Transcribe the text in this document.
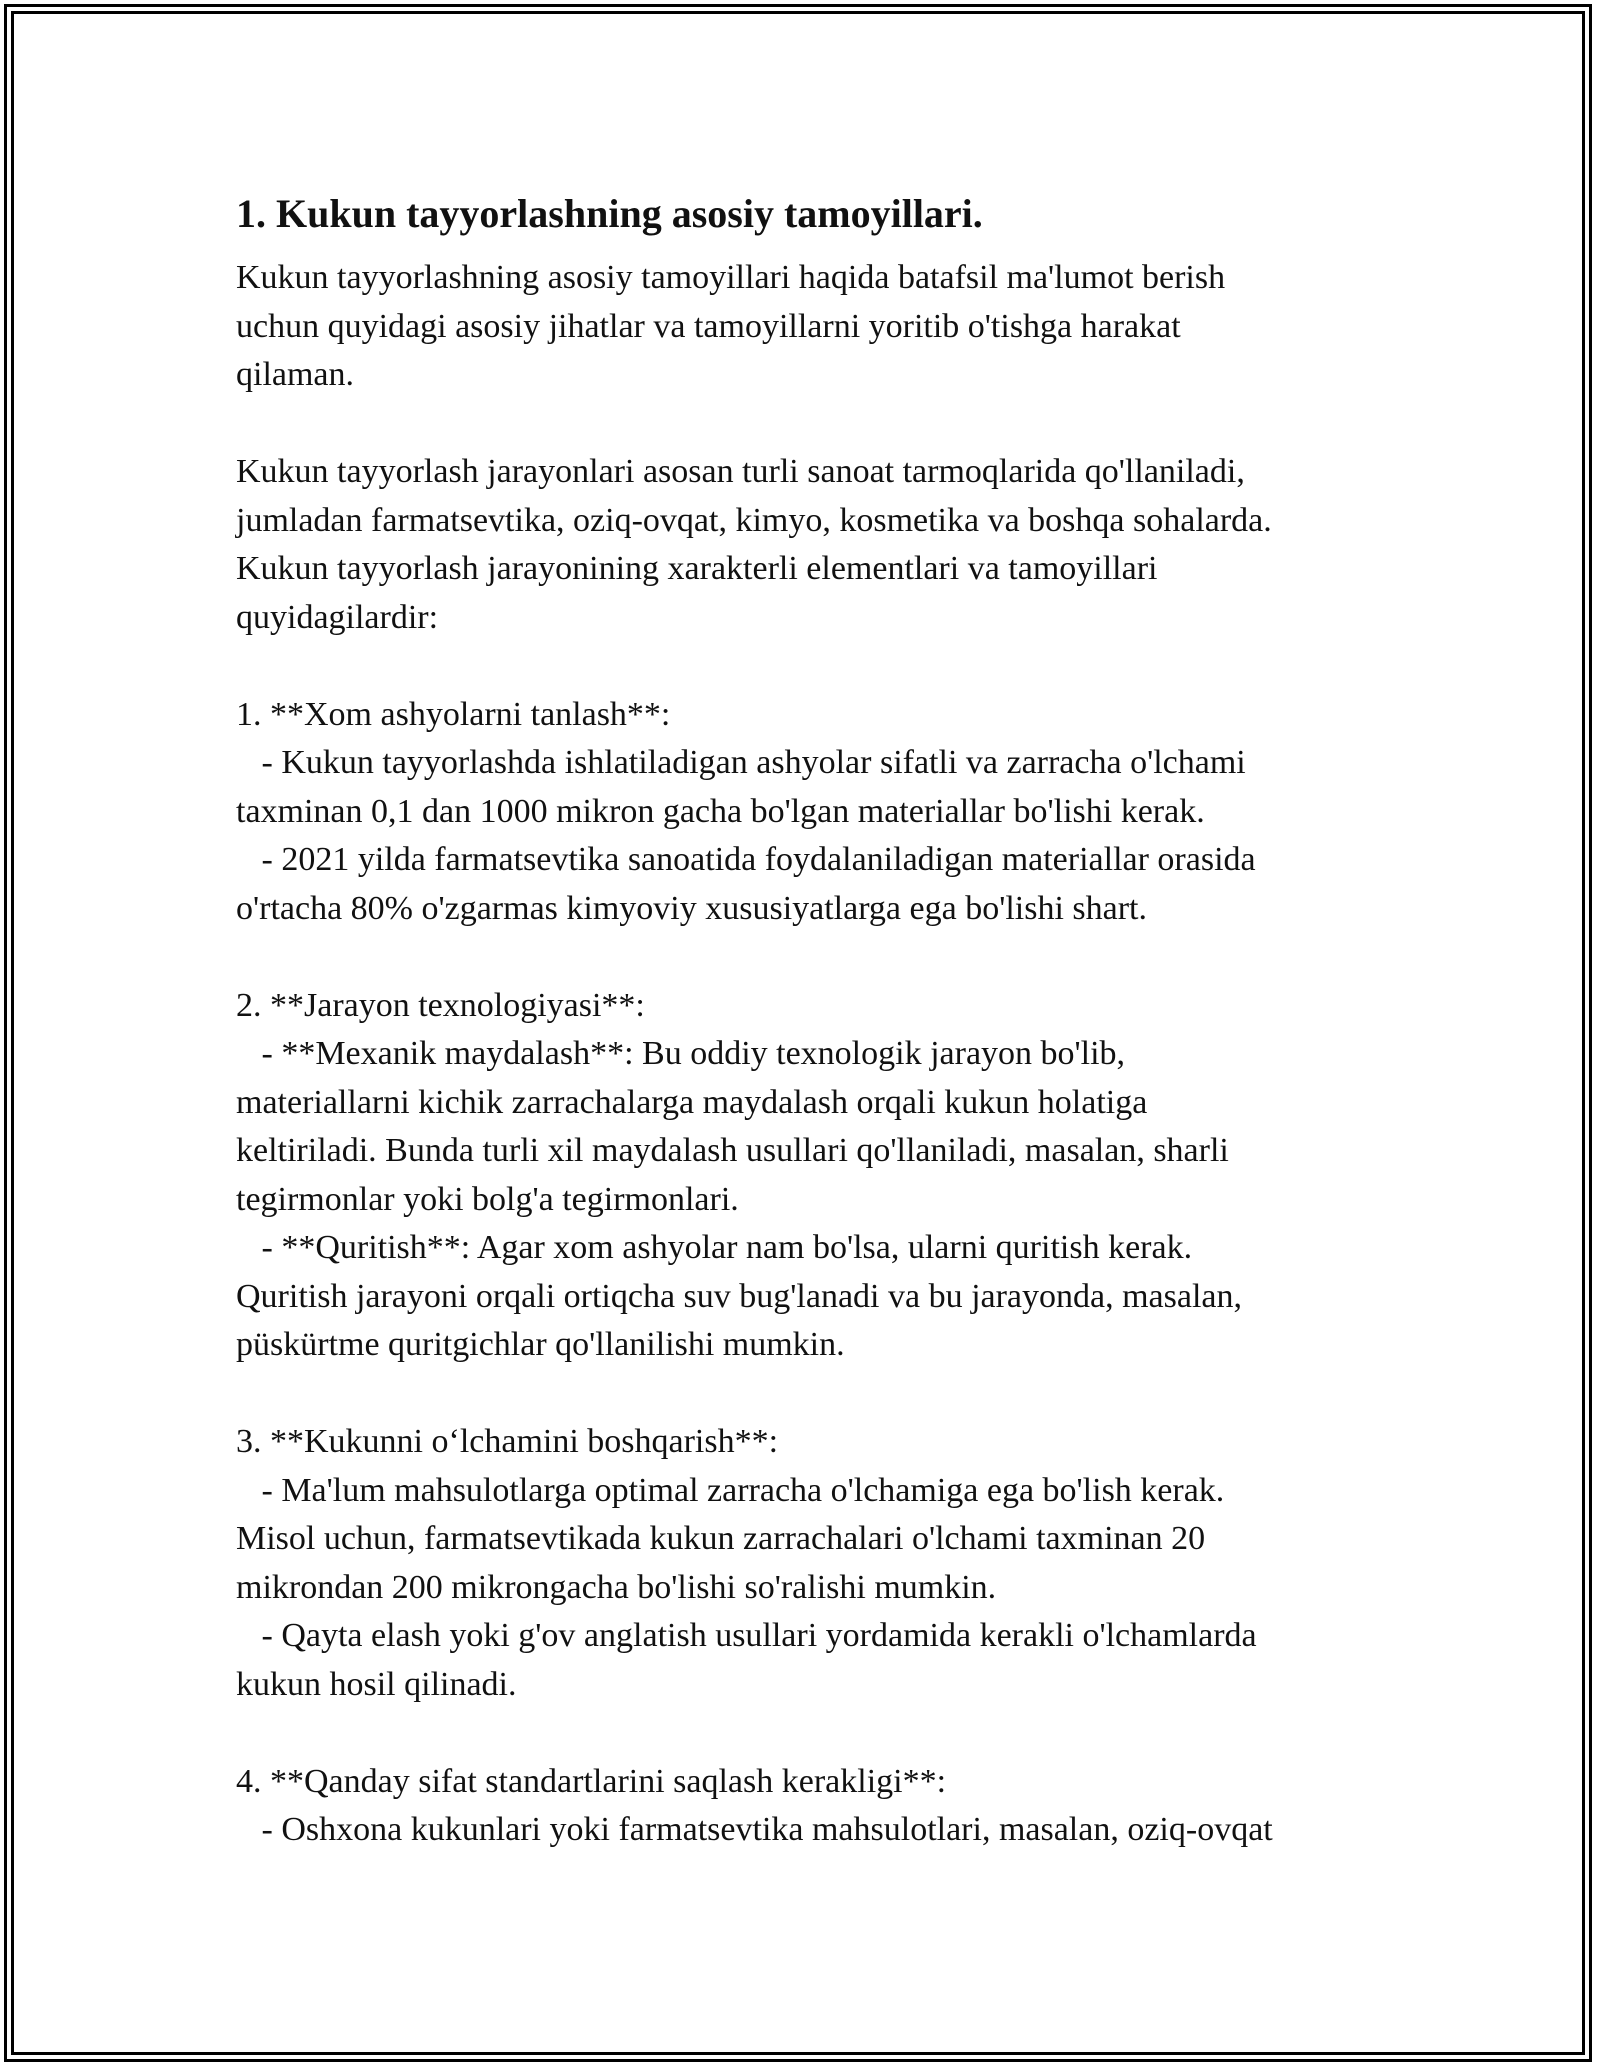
1. Kukun tayyorlashning asosiy tamoyillari.
Kukun tayyorlashning asosiy tamoyillari haqida batafsil ma'lumot berish
uchun quyidagi asosiy jihatlar va tamoyillarni yoritib o'tishga harakat
qilaman.

Kukun tayyorlash jarayonlari asosan turli sanoat tarmoqlarida qo'llaniladi,
jumladan farmatsevtika, oziq-ovqat, kimyo, kosmetika va boshqa sohalarda.
Kukun tayyorlash jarayonining xarakterli elementlari va tamoyillari
quyidagilardir:

1. **Xom ashyolarni tanlash**:
- Kukun tayyorlashda ishlatiladigan ashyolar sifatli va zarracha o'lchami
taxminan 0,1 dan 1000 mikron gacha bo'lgan materiallar bo'lishi kerak.
- 2021 yilda farmatsevtika sanoatida foydalaniladigan materiallar orasida
o'rtacha 80% o'zgarmas kimyoviy xususiyatlarga ega bo'lishi shart.

2. **Jarayon texnologiyasi**:
- **Mexanik maydalash**: Bu oddiy texnologik jarayon bo'lib,
materiallarni kichik zarrachalarga maydalash orqali kukun holatiga
keltiriladi. Bunda turli xil maydalash usullari qo'llaniladi, masalan, sharli
tegirmonlar yoki bolg'a tegirmonlari.
- **Quritish**: Agar xom ashyolar nam bo'lsa, ularni quritish kerak.
Quritish jarayoni orqali ortiqcha suv bug'lanadi va bu jarayonda, masalan,
püskürtme quritgichlar qo'llanilishi mumkin.

3. **Kukunni o‘lchamini boshqarish**:
- Ma'lum mahsulotlarga optimal zarracha o'lchamiga ega bo'lish kerak.
Misol uchun, farmatsevtikada kukun zarrachalari o'lchami taxminan 20
mikrondan 200 mikrongacha bo'lishi so'ralishi mumkin.
- Qayta elash yoki g'ov anglatish usullari yordamida kerakli o'lchamlarda
kukun hosil qilinadi.

4. **Qanday sifat standartlarini saqlash kerakligi**:
- Oshxona kukunlari yoki farmatsevtika mahsulotlari, masalan, oziq-ovqat
